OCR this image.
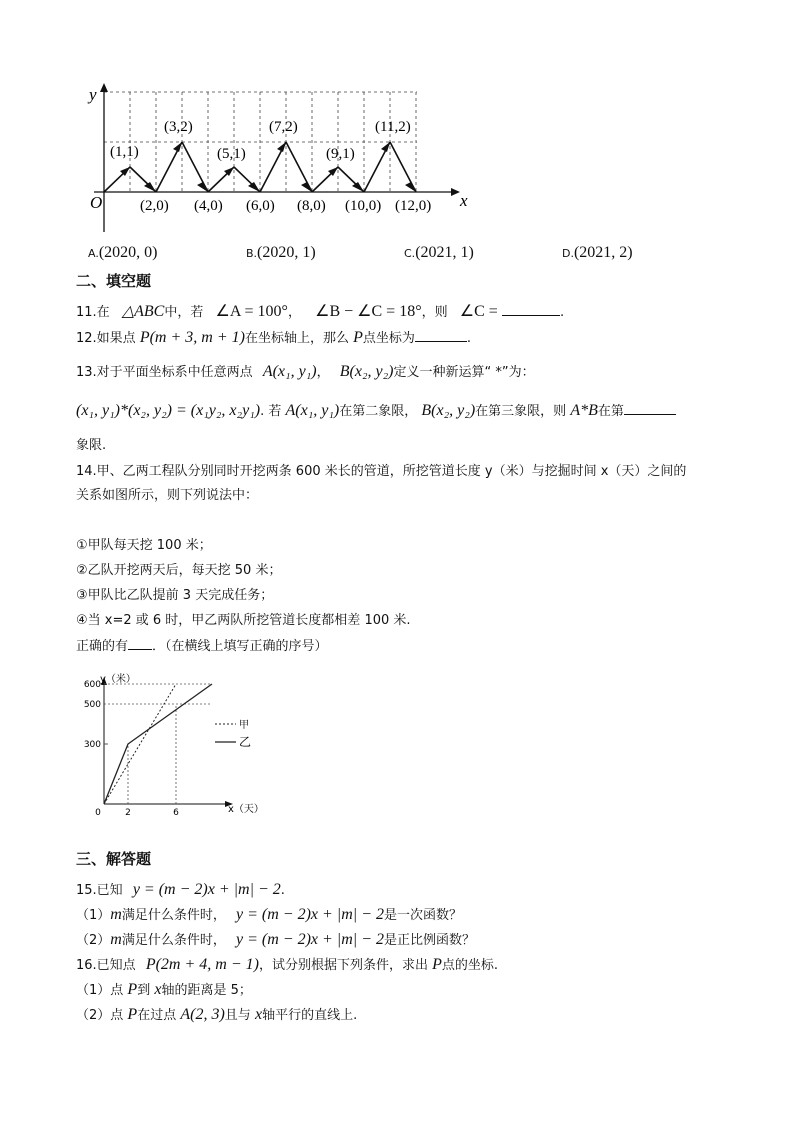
y
x
O
(1,1)
(3,2)
(5,1)
(7,2)
(9,1)
(11,2)
(2,0) (4,0) (6,0) (8,0) (10,0) (12,0)
A.(2020, 0)	B.(2020, 1)	C.(2021, 1)	D.(2021, 2)
二、填空题
11.在 △ABC中，若 ∠A = 100°， ∠B − ∠C = 18°，则 ∠C =	.
12.如果点 P(m + 3, m + 1)在坐标轴上，那么 P点坐标为	.
13.对于平面坐标系中任意两点 A(x₁, y₁)， B(x₂, y₂)定义一种新运算“ *”为：
(x₁, y₁)*(x₂, y₂) = (x₁y₂, x₂y₁). 若 A(x₁, y₁)在第二象限， B(x₂, y₂)在第三象限，则 A*B在第
象限.
14.甲、乙两工程队分别同时开挖两条 600 米长的管道，所挖管道长度 y（米）与挖掘时间 x（天）之间的
关系如图所示，则下列说法中：
①甲队每天挖 100 米；
②乙队开挖两天后，每天挖 50 米；
③甲队比乙队提前 3 天完成任务；
④当 x=2 或 6 时，甲乙两队所挖管道长度都相差 100 米.
正确的有 ．（在横线上填写正确的序号）
y（米）
x（天）
600
500
300
0	2	6
甲
乙
三、解答题
15.已知 y = (m − 2)x + |m| − 2.
（1）m满足什么条件时， y = (m − 2)x + |m| − 2是一次函数？
（2）m满足什么条件时， y = (m − 2)x + |m| − 2是正比例函数？
16.已知点 P(2m + 4, m − 1)，试分别根据下列条件，求出 P点的坐标.
（1）点 P到 x轴的距离是 5；
（2）点 P在过点 A(2, 3)且与 x轴平行的直线上.
